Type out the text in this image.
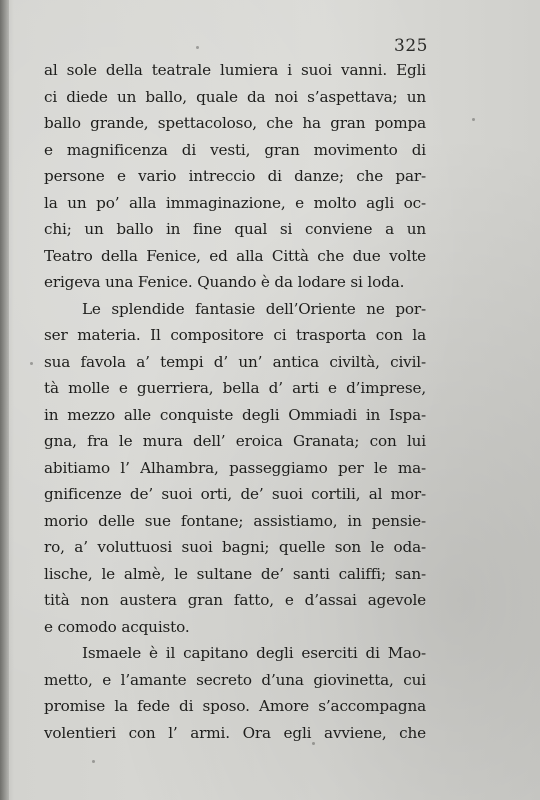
325
al sole della teatrale lumiera i suoi vanni. Egli
ci diede un ballo, quale da noi s’aspettava; un
ballo grande, spettacoloso, che ha gran pompa
e magnificenza di vesti, gran movimento di
persone e vario intreccio di danze; che par-
la un po’ alla immaginazione, e molto agli oc-
chi; un ballo in fine qual si conviene a un
Teatro della Fenice, ed alla Città che due volte
erigeva una Fenice. Quando è da lodare si loda.
Le splendide fantasie dell’Oriente ne por-
ser materia. Il compositore ci trasporta con la
sua favola a’ tempi d’ un’ antica civiltà, civil-
tà molle e guerriera, bella d’ arti e d’imprese,
in mezzo alle conquiste degli Ommiadi in Ispa-
gna, fra le mura dell’ eroica Granata; con lui
abitiamo l’ Alhambra, passeggiamo per le ma-
gnificenze de’ suoi orti, de’ suoi cortili, al mor-
morio delle sue fontane; assistiamo, in pensie-
ro, a’ voluttuosi suoi bagni; quelle son le oda-
lische, le almè, le sultane de’ santi califfi; san-
tità non austera gran fatto, e d’assai agevole
e comodo acquisto.
Ismaele è il capitano degli eserciti di Mao-
metto, e l’amante secreto d’una giovinetta, cui
promise la fede di sposo. Amore s’accompagna
volentieri con l’ armi. Ora egli avviene, che
